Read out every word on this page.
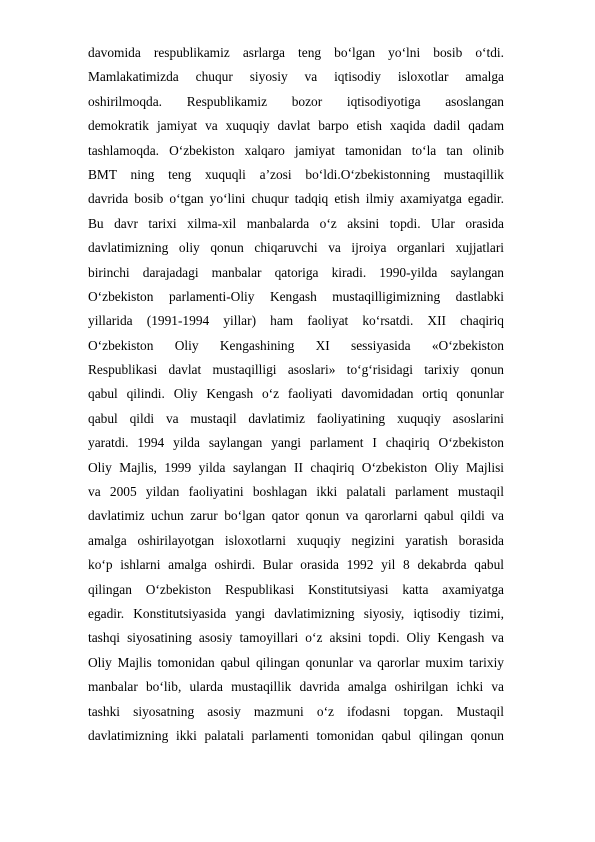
davomida respublikamiz asrlarga teng bo‘lgan yo‘lni bosib o‘tdi.
Mamlakatimizda chuqur siyosiy va iqtisodiy isloxotlar amalga
oshirilmoqda. Respublikamiz bozor iqtisodiyotiga asoslangan
demokratik jamiyat va xuquqiy davlat barpo etish xaqida dadil qadam
tashlamoqda. O‘zbekiston xalqaro jamiyat tamonidan to‘la tan olinib
BMT ning teng xuquqli a’zosi bo‘ldi.O‘zbekistonning mustaqillik
davrida bosib o‘tgan yo‘lini chuqur tadqiq etish ilmiy axamiyatga egadir.
Bu davr tarixi xilma-xil manbalarda o‘z aksini topdi. Ular orasida
davlatimizning oliy qonun chiqaruvchi va ijroiya organlari xujjatlari
birinchi darajadagi manbalar qatoriga kiradi. 1990-yilda saylangan
O‘zbekiston parlamenti-Oliy Kengash mustaqilligimizning dastlabki
yillarida (1991-1994 yillar) ham faoliyat ko‘rsatdi. XII chaqiriq
O‘zbekiston Oliy Kengashining XI sessiyasida «O‘zbekiston
Respublikasi davlat mustaqilligi asoslari» to‘g‘risidagi tarixiy qonun
qabul qilindi. Oliy Kengash o‘z faoliyati davomidadan ortiq qonunlar
qabul qildi va mustaqil davlatimiz faoliyatining xuquqiy asoslarini
yaratdi. 1994 yilda saylangan yangi parlament I chaqiriq O‘zbekiston
Oliy Majlis, 1999 yilda saylangan II chaqiriq O‘zbekiston Oliy Majlisi
va 2005 yildan faoliyatini boshlagan ikki palatali parlament mustaqil
davlatimiz uchun zarur bo‘lgan qator qonun va qarorlarni qabul qildi va
amalga oshirilayotgan isloxotlarni xuquqiy negizini yaratish borasida
ko‘p ishlarni amalga oshirdi. Bular orasida 1992 yil 8 dekabrda qabul
qilingan O‘zbekiston Respublikasi Konstitutsiyasi katta axamiyatga
egadir. Konstitutsiyasida yangi davlatimizning siyosiy, iqtisodiy tizimi,
tashqi siyosatining asosiy tamoyillari o‘z aksini topdi. Oliy Kengash va
Oliy Majlis tomonidan qabul qilingan qonunlar va qarorlar muxim tarixiy
manbalar bo‘lib, ularda mustaqillik davrida amalga oshirilgan ichki va
tashki siyosatning asosiy mazmuni o‘z ifodasni topgan. Mustaqil
davlatimizning ikki palatali parlamenti tomonidan qabul qilingan qonun
